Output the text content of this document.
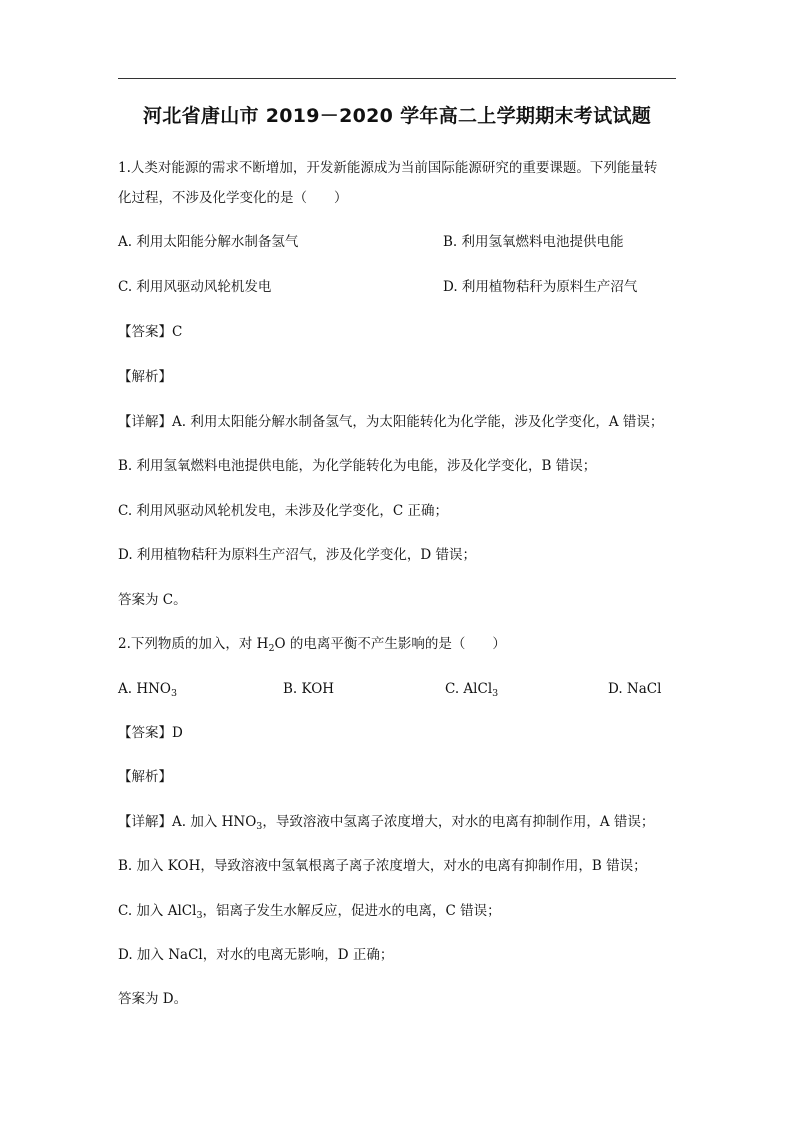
河北省唐山市 2019－2020 学年高二上学期期末考试试题
1.人类对能源的需求不断增加，开发新能源成为当前国际能源研究的重要课题。下列能量转
化过程，不涉及化学变化的是（　　）
A. 利用太阳能分解水制备氢气	B. 利用氢氧燃料电池提供电能
C. 利用风驱动风轮机发电	D. 利用植物秸秆为原料生产沼气
【答案】C
【解析】
【详解】A. 利用太阳能分解水制备氢气，为太阳能转化为化学能，涉及化学变化，A 错误；
B. 利用氢氧燃料电池提供电能，为化学能转化为电能，涉及化学变化，B 错误；
C. 利用风驱动风轮机发电，未涉及化学变化，C 正确；
D. 利用植物秸秆为原料生产沼气，涉及化学变化，D 错误；
答案为 C。
2.下列物质的加入，对 $H_2O$ 的电离平衡不产生影响的是（　　）
A. $HNO_3$	B. KOH	C. AlCl$_3$	D. NaCl
【答案】D
【解析】
【详解】A. 加入 $HNO_3$，导致溶液中氢离子浓度增大，对水的电离有抑制作用，A 错误；
B. 加入 KOH，导致溶液中氢氧根离子离子浓度增大，对水的电离有抑制作用，B 错误；
C. 加入 AlCl$_3$，铝离子发生水解反应，促进水的电离，C 错误；
D. 加入 NaCl，对水的电离无影响，D 正确；
答案为 D。
